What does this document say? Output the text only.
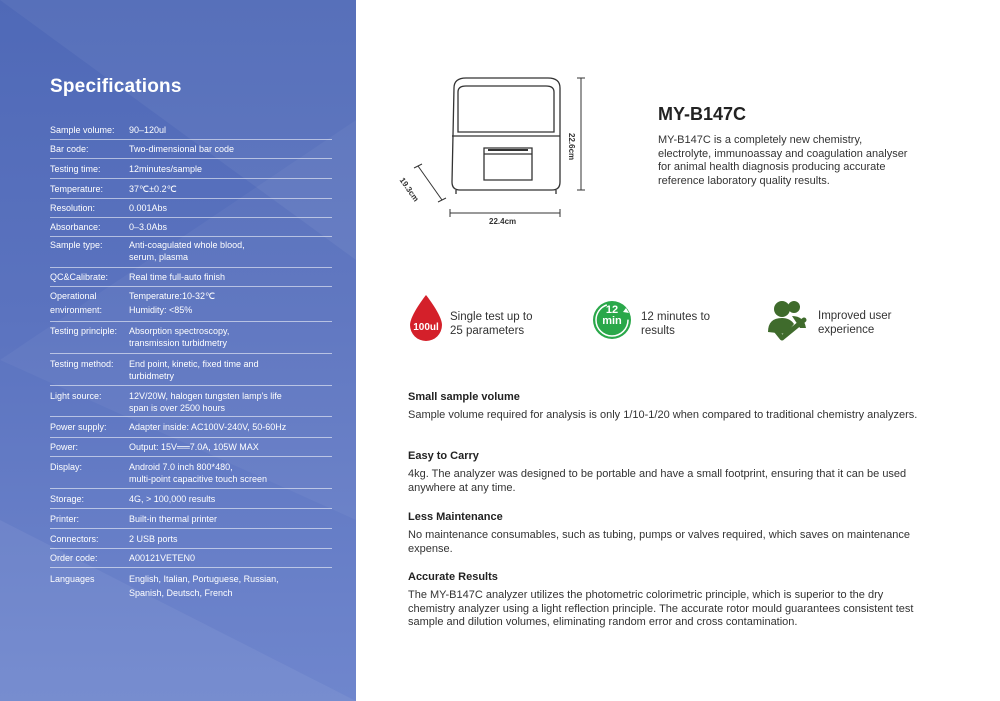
Specifications
Sample volume:	90–120ul
Bar code:	Two-dimensional bar code
Testing time:	12minutes/sample
Temperature:	37℃±0.2℃
Resolution:	0.001Abs
Absorbance:	0–3.0Abs
Sample type:	Anti-coagulated whole blood,
serum, plasma
QC&Calibrate:	Real time full-auto finish
Operational environment:
Temperature:10-32℃
Humidity: <85%
Testing principle:	Absorption spectroscopy,
transmission turbidmetry
Testing method:	End point, kinetic, fixed time and
turbidmetry
Light source:	12V/20W, halogen tungsten lamp's life
span is over 2500 hours
Power supply:	Adapter inside: AC100V-240V, 50-60Hz
Power:	Output: 15V══7.0A, 105W MAX
Display:	Android 7.0 inch 800*480,
multi-point capacitive touch screen
Storage:	4G, > 100,000 results
Printer:	Built-in thermal printer
Connectors:	2 USB ports
Order code:	A00121VETEN0
Languages	English, Italian, Portuguese, Russian,
Spanish, Deutsch, French
22.6cm
22.4cm
19.3cm
MY-B147C
MY-B147C is a completely new chemistry, electrolyte, immunoassay and coagulation analyser for animal health diagnosis producing accurate reference laboratory quality results.
100ul
Single test up to
25 parameters
12
min	12 minutes to
results
Improved user
experience
Small sample volume
Sample volume required for analysis is only 1/10-1/20 when compared to traditional chemistry analyzers.
Easy to Carry
4kg. The analyzer was designed to be portable and have a small footprint, ensuring that it can be used anywhere at any time.
Less Maintenance
No maintenance consumables, such as tubing, pumps or valves required, which saves on maintenance expense.
Accurate Results
The MY-B147C analyzer utilizes the photometric colorimetric principle, which is superior to the dry chemistry analyzer using a light reflection principle. The accurate rotor mould guarantees consistent test sample and dilution volumes, eliminating random error and cross contamination.
